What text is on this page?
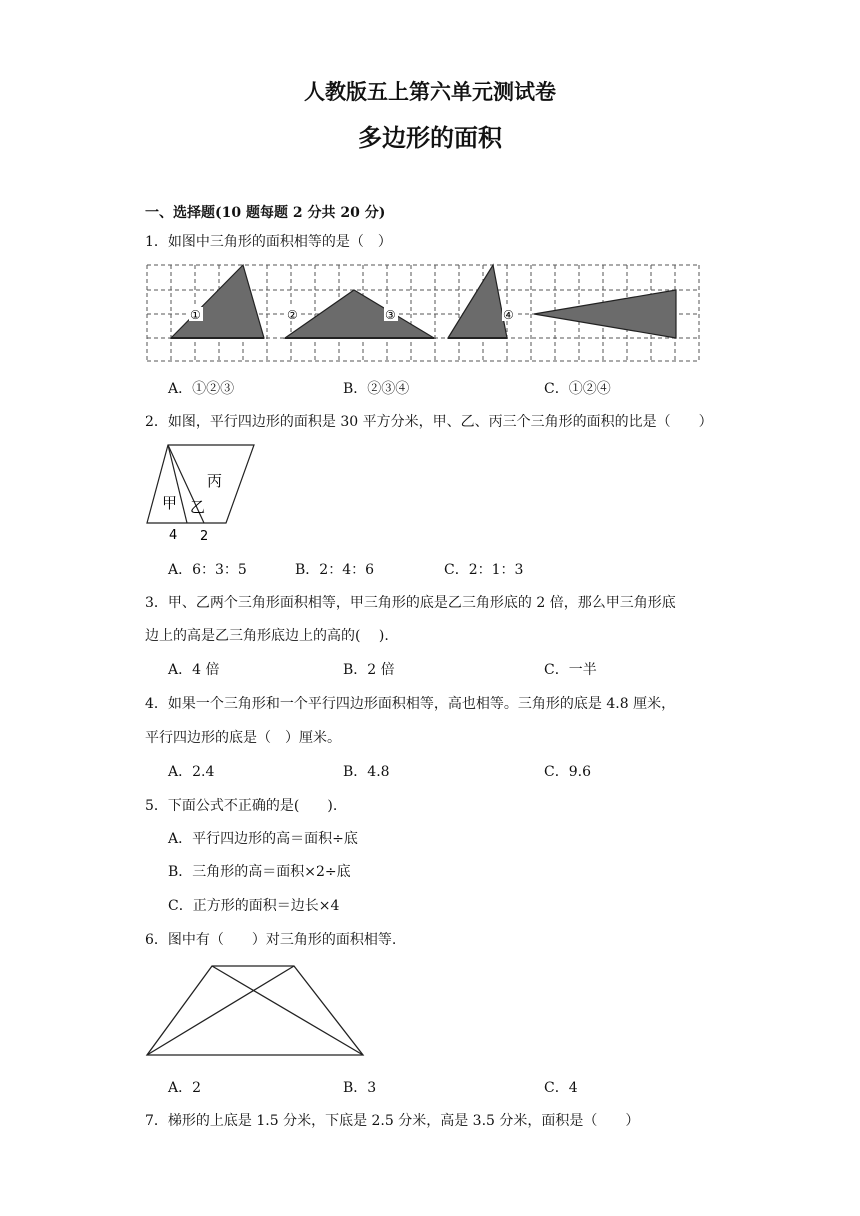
人教版五上第六单元测试卷
多边形的面积
一、选择题(10 题每题 2 分共 20 分)
1．如图中三角形的面积相等的是（　）
①	②	③	④
A．①②③	B．②③④	C．①②④
2．如图，平行四边形的面积是 30 平方分米，甲、乙、丙三个三角形的面积的比是（　　）
甲 乙
丙
4 2
A．6：3：5	B．2：4：6	C．2：1：3
3．甲、乙两个三角形面积相等，甲三角形的底是乙三角形底的 2 倍，那么甲三角形底
边上的高是乙三角形底边上的高的(　 ).
A．4 倍	B．2 倍	C．一半
4．如果一个三角形和一个平行四边形面积相等，高也相等。三角形的底是 4.8 厘米，
平行四边形的底是（　）厘米。
A．2.4	B．4.8	C．9.6
5．下面公式不正确的是(　　).
A．平行四边形的高＝面积÷底
B．三角形的高＝面积×2÷底
C．正方形的面积＝边长×4
6．图中有（　　）对三角形的面积相等.
A．2	B．3	C．4
7．梯形的上底是 1.5 分米，下底是 2.5 分米，高是 3.5 分米，面积是（　　）
